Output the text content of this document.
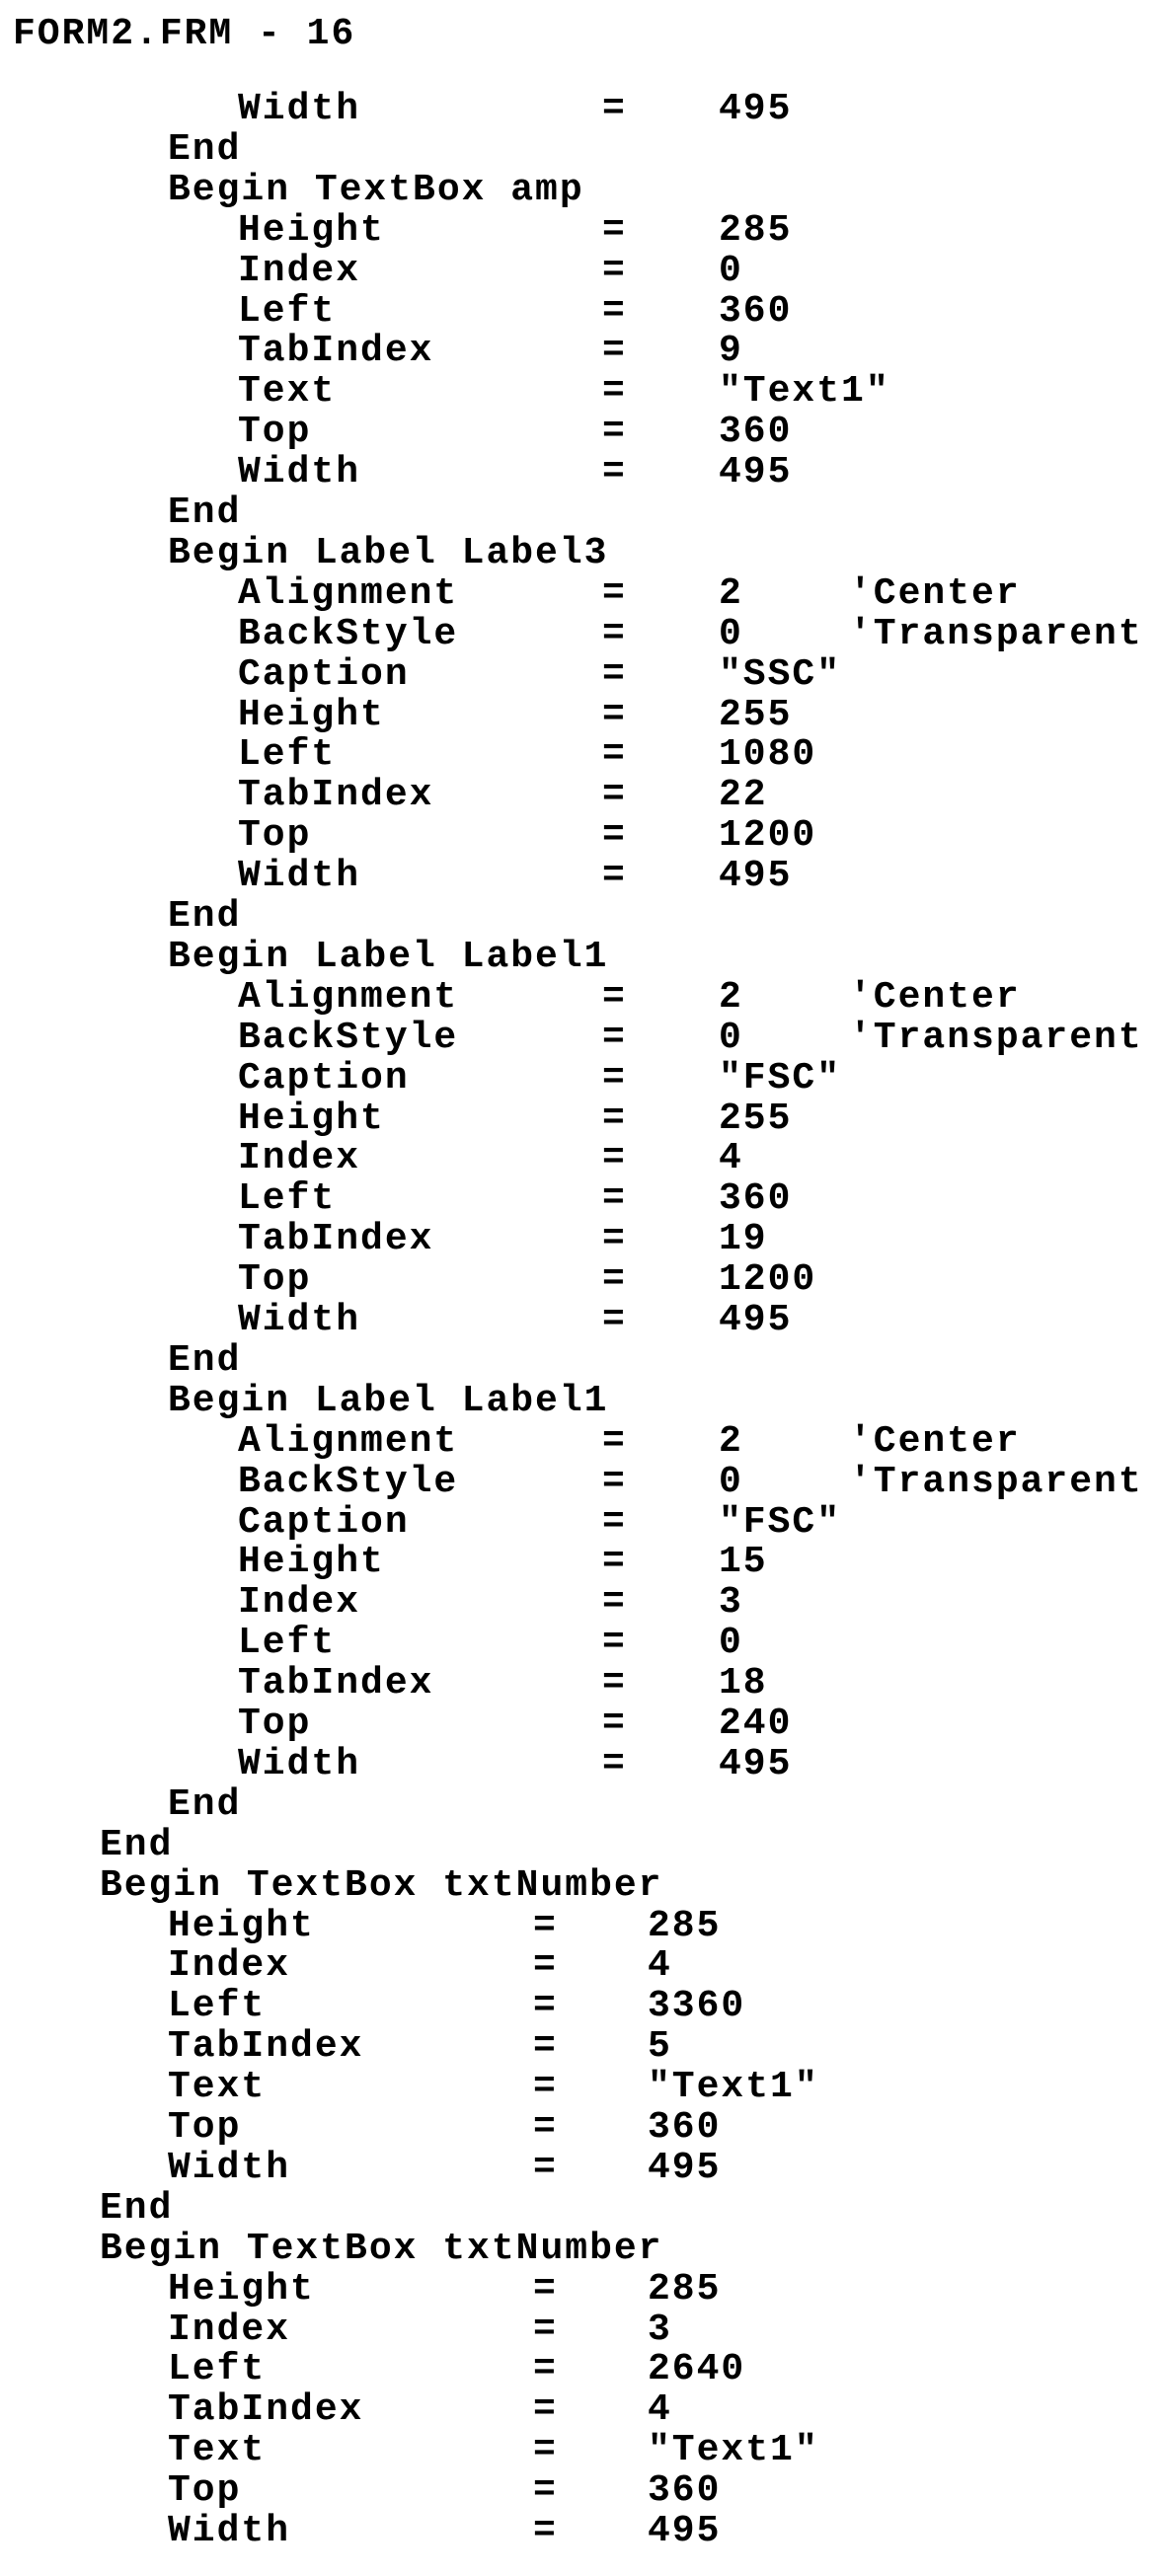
FORM2.FRM - 16
Width	= 495
End
Begin TextBox amp
Height	= 285
Index	= 0
Left	= 360
TabIndex	= 9
Text	= "Text1"
Top	= 360
Width	= 495
End
Begin Label Label3
Alignment	= 2	'Center
BackStyle	= 0	'Transparent
Caption	= "SSC"
Height	= 255
Left	= 1080
TabIndex	= 22
Top	= 1200
Width	= 495
End
Begin Label Label1
Alignment	= 2	'Center
BackStyle	= 0	'Transparent
Caption	= "FSC"
Height	= 255
Index	= 4
Left	= 360
TabIndex	= 19
Top	= 1200
Width	= 495
End
Begin Label Label1
Alignment	= 2	'Center
BackStyle	= 0	'Transparent
Caption	= "FSC"
Height	= 15
Index	= 3
Left	= 0
TabIndex	= 18
Top	= 240
Width	= 495
End
End
Begin TextBox txtNumber
Height	= 285
Index	= 4
Left	= 3360
TabIndex	= 5
Text	= "Text1"
Top	= 360
Width	= 495
End
Begin TextBox txtNumber
Height	= 285
Index	= 3
Left	= 2640
TabIndex	= 4
Text	= "Text1"
Top	= 360
Width	= 495
